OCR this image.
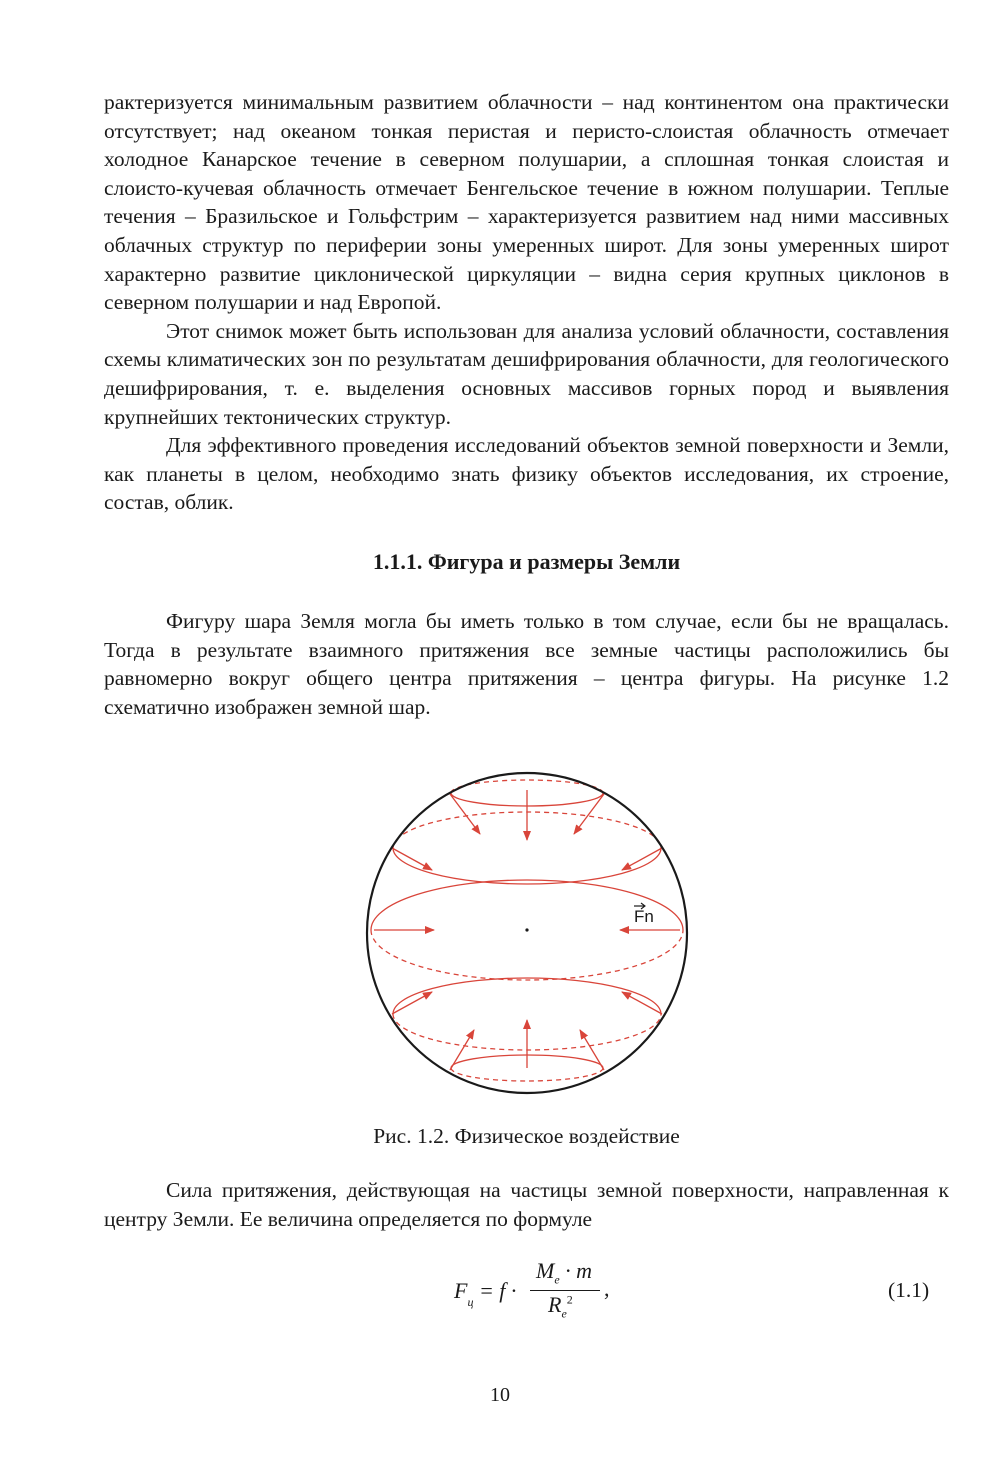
рактеризуется минимальным развитием облачности – над континентом она практически отсутствует; над океаном тонкая перистая и перисто-слоистая облачность отмечает холодное Канарское течение в северном полушарии, а сплошная тонкая слоистая и слоисто-кучевая облачность отмечает Бенгельское течение в южном полушарии. Теплые течения – Бразильское и Гольфстрим – характеризуется развитием над ними массивных облачных структур по периферии зоны умеренных широт. Для зоны умеренных широт характерно развитие циклонической циркуляции – видна серия крупных циклонов в северном полушарии и над Европой.

Этот снимок может быть использован для анализа условий облачности, составления схемы климатических зон по результатам дешифрирования облачности, для геологического дешифрирования, т. е. выделения основных массивов горных пород и выявления крупнейших тектонических структур.

Для эффективного проведения исследований объектов земной поверхности и Земли, как планеты в целом, необходимо знать физику объектов исследования, их строение, состав, облик.

1.1.1. Фигура и размеры Земли

Фигуру шара Земля могла бы иметь только в том случае, если бы не вращалась. Тогда в результате взаимного притяжения все земные частицы расположились бы равномерно вокруг общего центра притяжения – центра фигуры. На рисунке 1.2 схематично изображен земной шар.

Fn
Рис. 1.2. Физическое воздействие

Сила притяжения, действующая на частицы земной поверхности, направленная к центру Земли. Ее величина определяется по формуле

$F_ц = f$ ·
$M_e \cdot m$
$R_e^2$ ,	(1.1)
10
